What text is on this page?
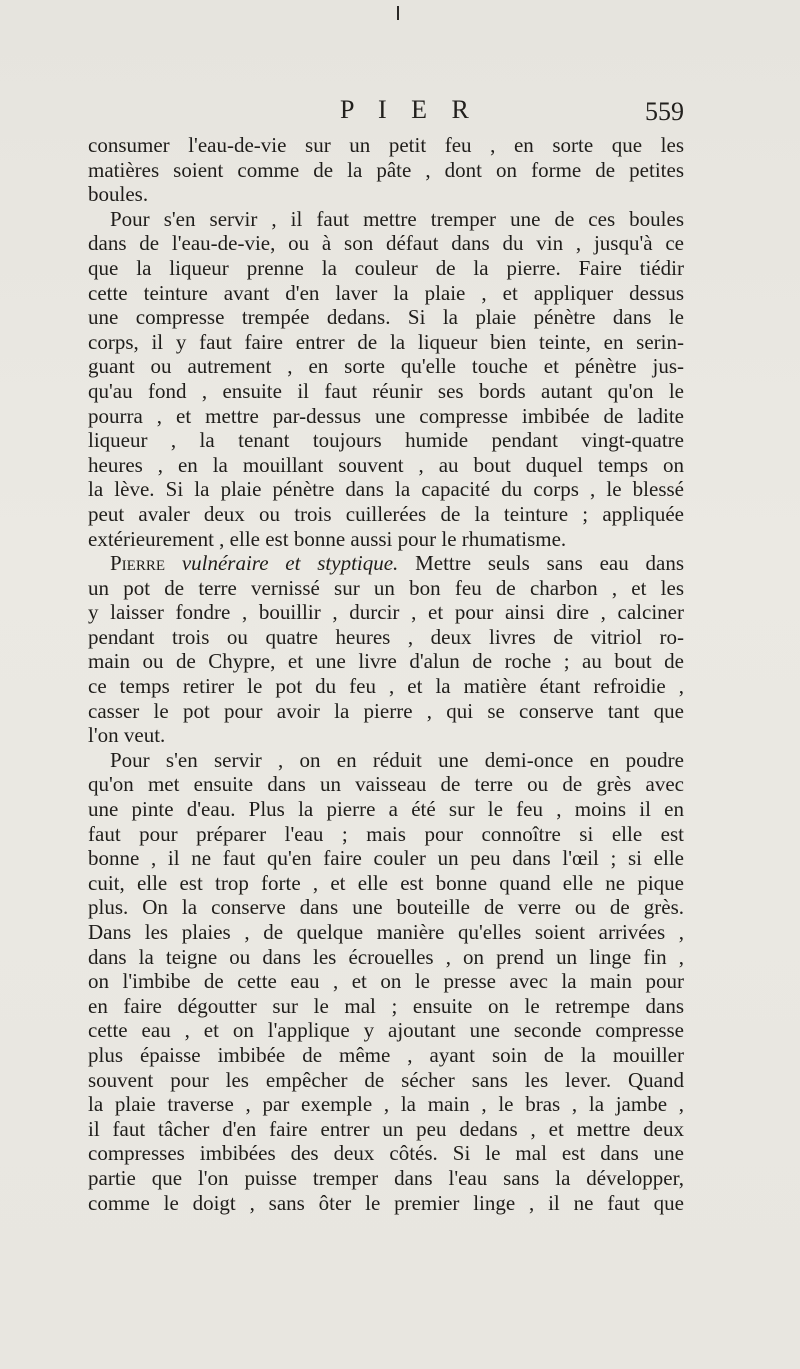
P I E R	559
consumer l'eau-de-vie sur un petit feu , en sorte que les
matières soient comme de la pâte , dont on forme de petites
boules.
Pour s'en servir , il faut mettre tremper une de ces boules
dans de l'eau-de-vie, ou à son défaut dans du vin , jusqu'à ce
que la liqueur prenne la couleur de la pierre. Faire tiédir
cette teinture avant d'en laver la plaie , et appliquer dessus
une compresse trempée dedans. Si la plaie pénètre dans le
corps, il y faut faire entrer de la liqueur bien teinte, en serin-
guant ou autrement , en sorte qu'elle touche et pénètre jus-
qu'au fond , ensuite il faut réunir ses bords autant qu'on le
pourra , et mettre par-dessus une compresse imbibée de ladite
liqueur , la tenant toujours humide pendant vingt-quatre
heures , en la mouillant souvent , au bout duquel temps on
la lève. Si la plaie pénètre dans la capacité du corps , le blessé
peut avaler deux ou trois cuillerées de la teinture ; appliquée
extérieurement , elle est bonne aussi pour le rhumatisme.
Pierre vulnéraire et styptique. Mettre seuls sans eau dans
un pot de terre vernissé sur un bon feu de charbon , et les
y laisser fondre , bouillir , durcir , et pour ainsi dire , calciner
pendant trois ou quatre heures , deux livres de vitriol ro-
main ou de Chypre, et une livre d'alun de roche ; au bout de
ce temps retirer le pot du feu , et la matière étant refroidie ,
casser le pot pour avoir la pierre , qui se conserve tant que
l'on veut.
Pour s'en servir , on en réduit une demi-once en poudre
qu'on met ensuite dans un vaisseau de terre ou de grès avec
une pinte d'eau. Plus la pierre a été sur le feu , moins il en
faut pour préparer l'eau ; mais pour connoître si elle est
bonne , il ne faut qu'en faire couler un peu dans l'œil ; si elle
cuit, elle est trop forte , et elle est bonne quand elle ne pique
plus. On la conserve dans une bouteille de verre ou de grès.
Dans les plaies , de quelque manière qu'elles soient arrivées ,
dans la teigne ou dans les écrouelles , on prend un linge fin ,
on l'imbibe de cette eau , et on le presse avec la main pour
en faire dégoutter sur le mal ; ensuite on le retrempe dans
cette eau , et on l'applique y ajoutant une seconde compresse
plus épaisse imbibée de même , ayant soin de la mouiller
souvent pour les empêcher de sécher sans les lever. Quand
la plaie traverse , par exemple , la main , le bras , la jambe ,
il faut tâcher d'en faire entrer un peu dedans , et mettre deux
compresses imbibées des deux côtés. Si le mal est dans une
partie que l'on puisse tremper dans l'eau sans la développer,
comme le doigt , sans ôter le premier linge , il ne faut que
